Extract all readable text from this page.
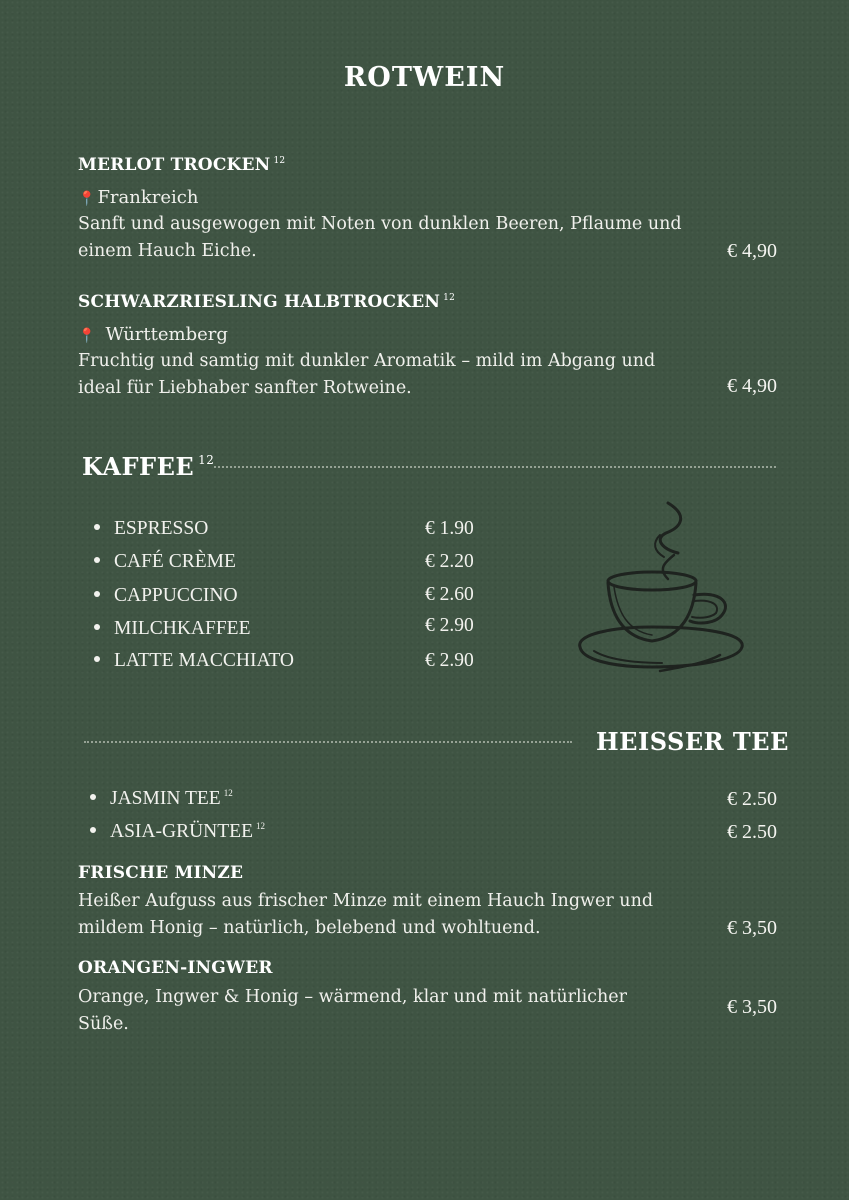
ROTWEIN
MERLOT TROCKEN $^{12}$
📍 Frankreich
Sanft und ausgewogen mit Noten von dunklen Beeren, Pflaume und
einem Hauch Eiche.	€ 4,90
SCHWARZRIESLING HALBTROCKEN $^{12}$
📍 Württemberg
Fruchtig und samtig mit dunkler Aromatik – mild im Abgang und
ideal für Liebhaber sanfter Rotweine.	€ 4,90
KAFFEE $^{12}$
ESPRESSO	€ 1.90
CAFÉ CRÈME	€ 2.20
CAPPUCCINO	€ 2.60
MILCHKAFFEE	€ 2.90
LATTE MACCHIATO	€ 2.90
HEISSER TEE
JASMIN TEE $^{12}$	€ 2.50
ASIA-GRÜNTEE $^{12}$	€ 2.50
FRISCHE MINZE
Heißer Aufguss aus frischer Minze mit einem Hauch Ingwer und
mildem Honig – natürlich, belebend und wohltuend.	€ 3,50
ORANGEN-INGWER
Orange, Ingwer & Honig – wärmend, klar und mit natürlicher
Süße.
€ 3,50
